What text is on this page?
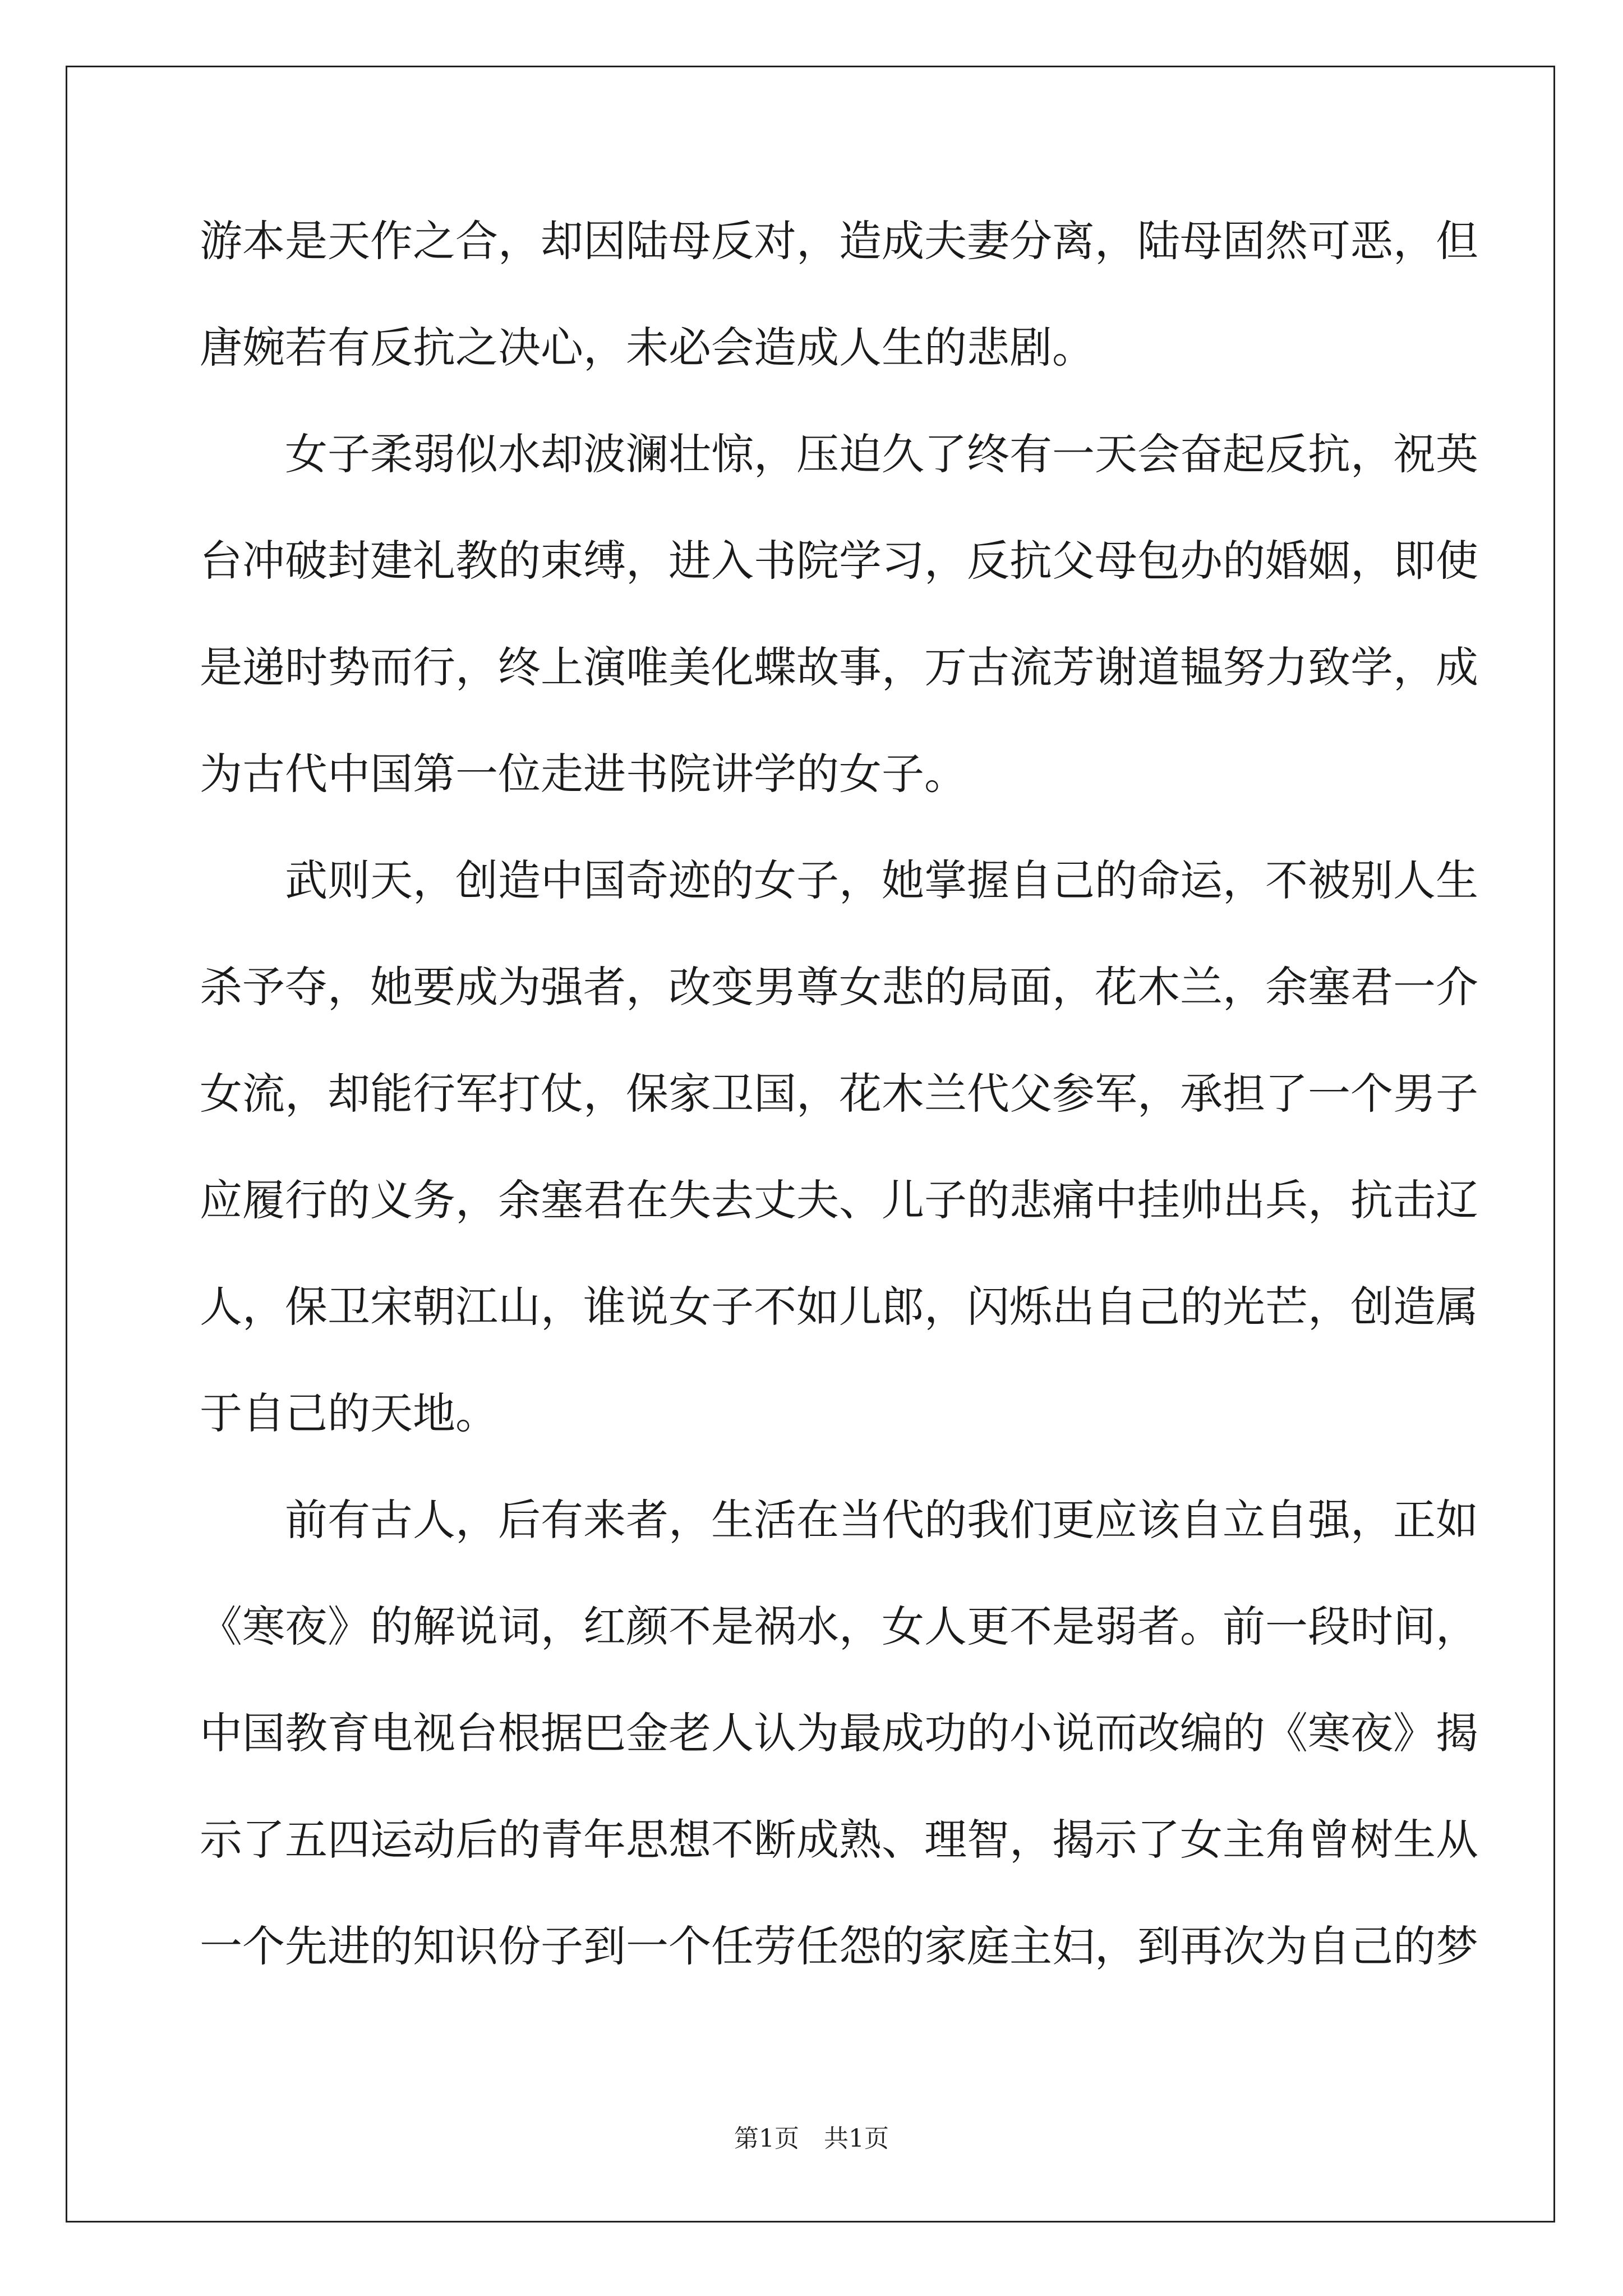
游本是天作之合，却因陆母反对，造成夫妻分离，陆母固然可恶，但
唐婉若有反抗之决心，未必会造成人生的悲剧。
女子柔弱似水却波澜壮惊，压迫久了终有一天会奋起反抗，祝英
台冲破封建礼教的束缚，进入书院学习，反抗父母包办的婚姻，即使
是递时势而行，终上演唯美化蝶故事，万古流芳谢道韫努力致学，成
为古代中国第一位走进书院讲学的女子。
武则天，创造中国奇迹的女子，她掌握自己的命运，不被别人生
杀予夺，她要成为强者，改变男尊女悲的局面，花木兰，余塞君一介
女流，却能行军打仗，保家卫国，花木兰代父参军，承担了一个男子
应履行的义务，余塞君在失去丈夫、儿子的悲痛中挂帅出兵，抗击辽
人，保卫宋朝江山，谁说女子不如儿郎，闪烁出自己的光芒，创造属
于自己的天地。
前有古人，后有来者，生活在当代的我们更应该自立自强，正如
《寒夜》的解说词，红颜不是祸水，女人更不是弱者。前一段时间，
中国教育电视台根据巴金老人认为最成功的小说而改编的《寒夜》揭
示了五四运动后的青年思想不断成熟、理智，揭示了女主角曾树生从
一个先进的知识份子到一个任劳任怨的家庭主妇，到再次为自己的梦
第1页　共1页
